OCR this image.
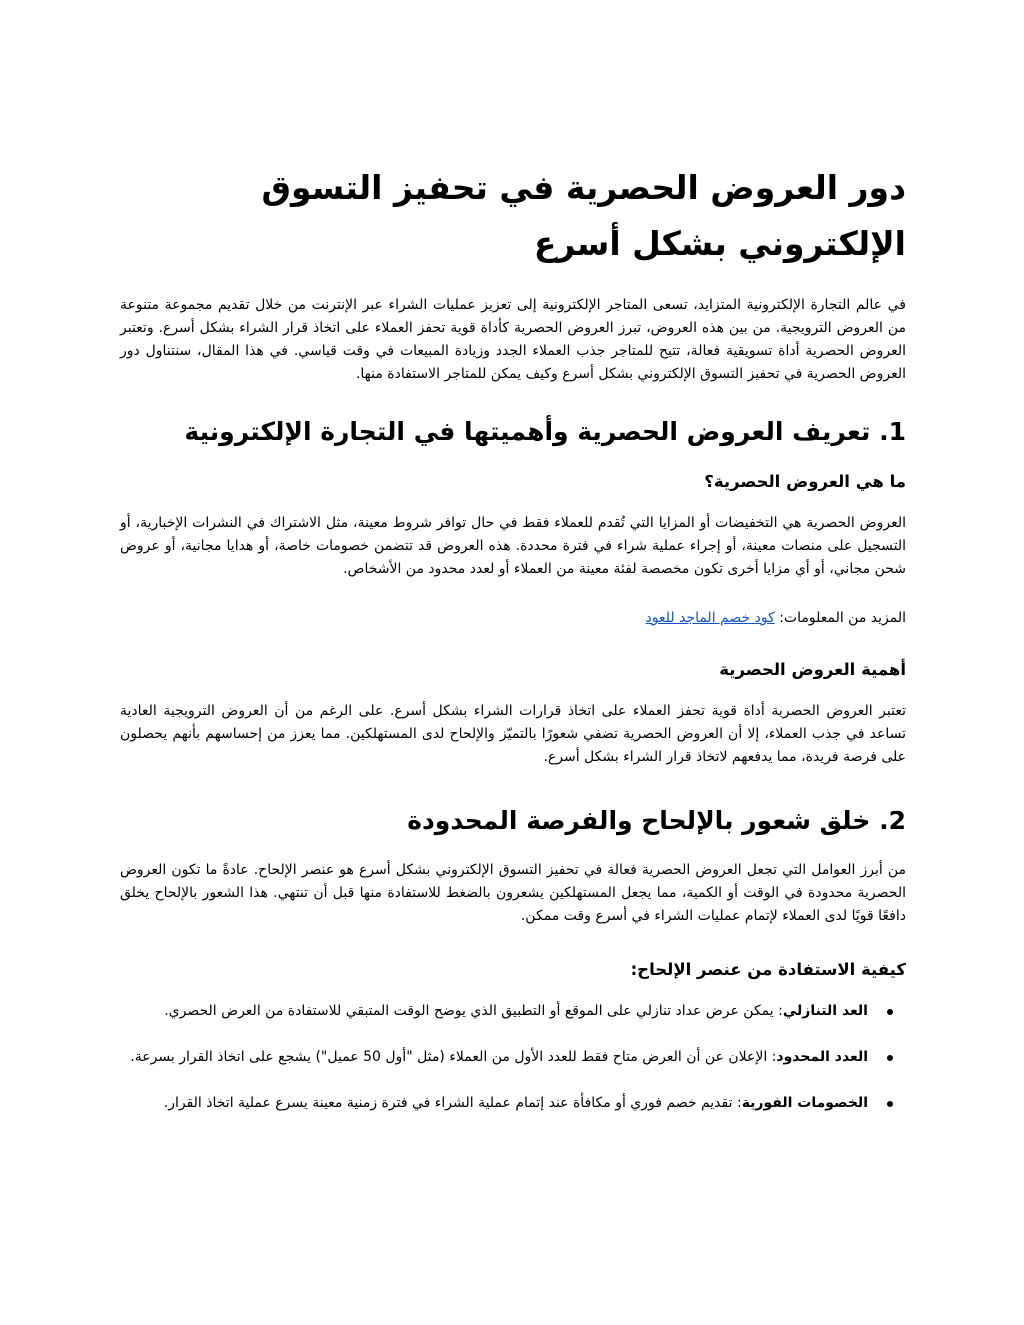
دور العروض الحصرية في تحفيز التسوق الإلكتروني بشكل أسرع

في عالم التجارة الإلكترونية المتزايد، تسعى المتاجر الإلكترونية إلى تعزيز عمليات الشراء عبر الإنترنت من خلال تقديم مجموعة متنوعة من العروض الترويجية. من بين هذه العروض، تبرز العروض الحصرية كأداة قوية تحفز العملاء على اتخاذ قرار الشراء بشكل أسرع. وتعتبر العروض الحصرية أداة تسويقية فعالة، تتيح للمتاجر جذب العملاء الجدد وزيادة المبيعات في وقت قياسي. في هذا المقال، سنتناول دور العروض الحصرية في تحفيز التسوق الإلكتروني بشكل أسرع وكيف يمكن للمتاجر الاستفادة منها.

1. تعريف العروض الحصرية وأهميتها في التجارة الإلكترونية
ما هي العروض الحصرية؟

العروض الحصرية هي التخفيضات أو المزايا التي تُقدم للعملاء فقط في حال توافر شروط معينة، مثل الاشتراك في النشرات الإخبارية، أو التسجيل على منصات معينة، أو إجراء عملية شراء في فترة محددة. هذه العروض قد تتضمن خصومات خاصة، أو هدايا مجانية، أو عروض شحن مجاني، أو أي مزايا أخرى تكون مخصصة لفئة معينة من العملاء أو لعدد محدود من الأشخاص.

المزيد من المعلومات: كود خصم الماجد للعود
أهمية العروض الحصرية

تعتبر العروض الحصرية أداة قوية تحفز العملاء على اتخاذ قرارات الشراء بشكل أسرع. على الرغم من أن العروض الترويجية العادية تساعد في جذب العملاء، إلا أن العروض الحصرية تضفي شعورًا بالتميّز والإلحاح لدى المستهلكين. مما يعزز من إحساسهم بأنهم يحصلون على فرصة فريدة، مما يدفعهم لاتخاذ قرار الشراء بشكل أسرع.

2. خلق شعور بالإلحاح والفرصة المحدودة

من أبرز العوامل التي تجعل العروض الحصرية فعالة في تحفيز التسوق الإلكتروني بشكل أسرع هو عنصر الإلحاح. عادةً ما تكون العروض الحصرية محدودة في الوقت أو الكمية، مما يجعل المستهلكين يشعرون بالضغط للاستفادة منها قبل أن تنتهي. هذا الشعور بالإلحاح يخلق دافعًا قويًا لدى العملاء لإتمام عمليات الشراء في أسرع وقت ممكن.

كيفية الاستفادة من عنصر الإلحاح:
العد التنازلي: يمكن عرض عداد تنازلي على الموقع أو التطبيق الذي يوضح الوقت المتبقي للاستفادة من العرض الحصري.
العدد المحدود: الإعلان عن أن العرض متاح فقط للعدد الأول من العملاء (مثل "أول 50 عميل") يشجع على اتخاذ القرار بسرعة.
الخصومات الفورية: تقديم خصم فوري أو مكافأة عند إتمام عملية الشراء في فترة زمنية معينة يسرع عملية اتخاذ القرار.
